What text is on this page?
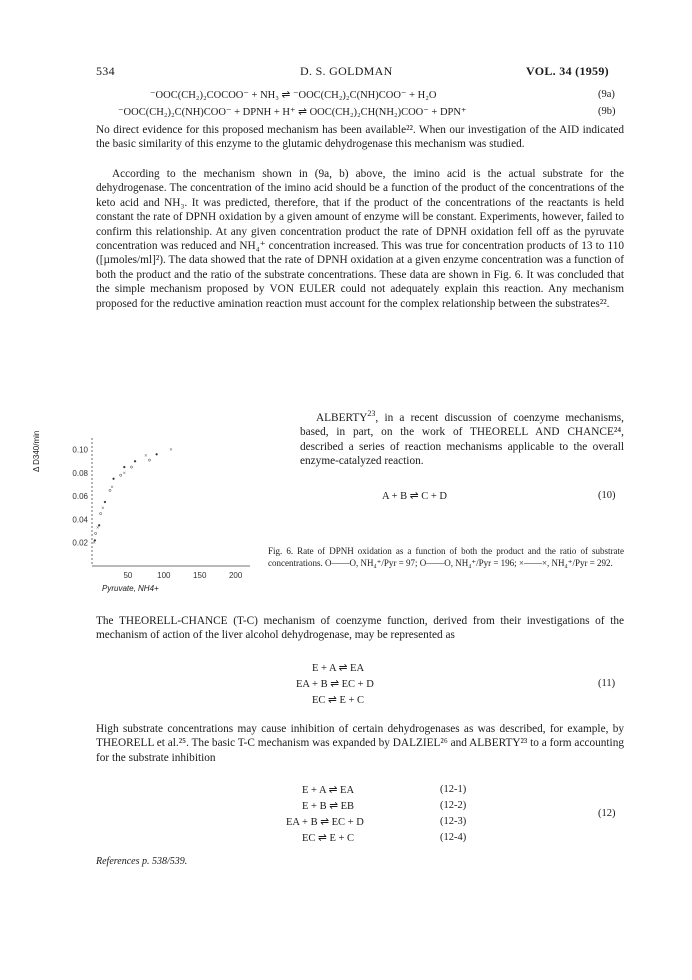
534	D. S. GOLDMAN	VOL. 34 (1959)
⁻OOC(CH₂)₂COCOO⁻ + NH₃ ⇌ ⁻OOC(CH₂)₂C(NH)COO⁻ + H₂O	(9a)
⁻OOC(CH₂)₂C(NH)COO⁻ + DPNH + H⁺ ⇌ OOC(CH₂)₂CH(NH₂)COO⁻ + DPN⁺	(9b)
No direct evidence for this proposed mechanism has been available²². When our investigation of the AID indicated the basic similarity of this enzyme to the glutamic dehydrogenase this mechanism was studied.
According to the mechanism shown in (9a, b) above, the imino acid is the actual substrate for the dehydrogenase. The concentration of the imino acid should be a function of the product of the concentrations of the keto acid and NH₃. It was predicted, therefore, that if the product of the concentrations of the reactants is held constant the rate of DPNH oxidation by a given amount of enzyme will be constant. Experiments, however, failed to confirm this relationship. At any given concentration product the rate of DPNH oxidation fell off as the pyruvate concentration was reduced and NH₄⁺ concentration increased. This was true for concentration products of 13 to 110 ([µmoles/ml]²). The data showed that the rate of DPNH oxidation at a given enzyme concentration was a function of both the product and the ratio of the substrate concentrations. These data are shown in Fig. 6. It was concluded that the simple mechanism proposed by VON EULER could not adequately explain this reaction. Any mechanism proposed for the reductive amination reaction must account for the complex relationship between the substrates²².
ALBERTY$^{23}$, in a recent discussion of coenzyme mechanisms, based, in part, on the work of THEORELL AND CHANCE²⁴, described a series of reaction mechanisms applicable to the overall enzyme-catalyzed reaction.
A + B ⇌ C + D	(10)
×
×
×
×
×
×
×
50	100	150	200
0.02
0.04
0.06
0.08
0.10
Δ D340/min
Pyruvate, NH4+
Fig. 6. Rate of DPNH oxidation as a function of both the product and the ratio of substrate concentrations. O——O, NH₄⁺/Pyr = 97; O——O, NH₄⁺/Pyr = 196; ×——×, NH₄⁺/Pyr = 292.
The THEORELL-CHANCE (T-C) mechanism of coenzyme function, derived from their investigations of the mechanism of action of the liver alcohol dehydrogenase, may be represented as
E + A ⇌ EA
EA + B ⇌ EC + D
EC ⇌ E + C
(11)
High substrate concentrations may cause inhibition of certain dehydrogenases as was described, for example, by THEORELL et al.²⁵. The basic T-C mechanism was expanded by DALZIEL²⁶ and ALBERTY²³ to a form accounting for the substrate inhibition
E + A ⇌ EA	(12-1)
E + B ⇌ EB	(12-2)
EA + B ⇌ EC + D	(12-3)
EC ⇌ E + C	(12-4)
(12)
References p. 538/539.
